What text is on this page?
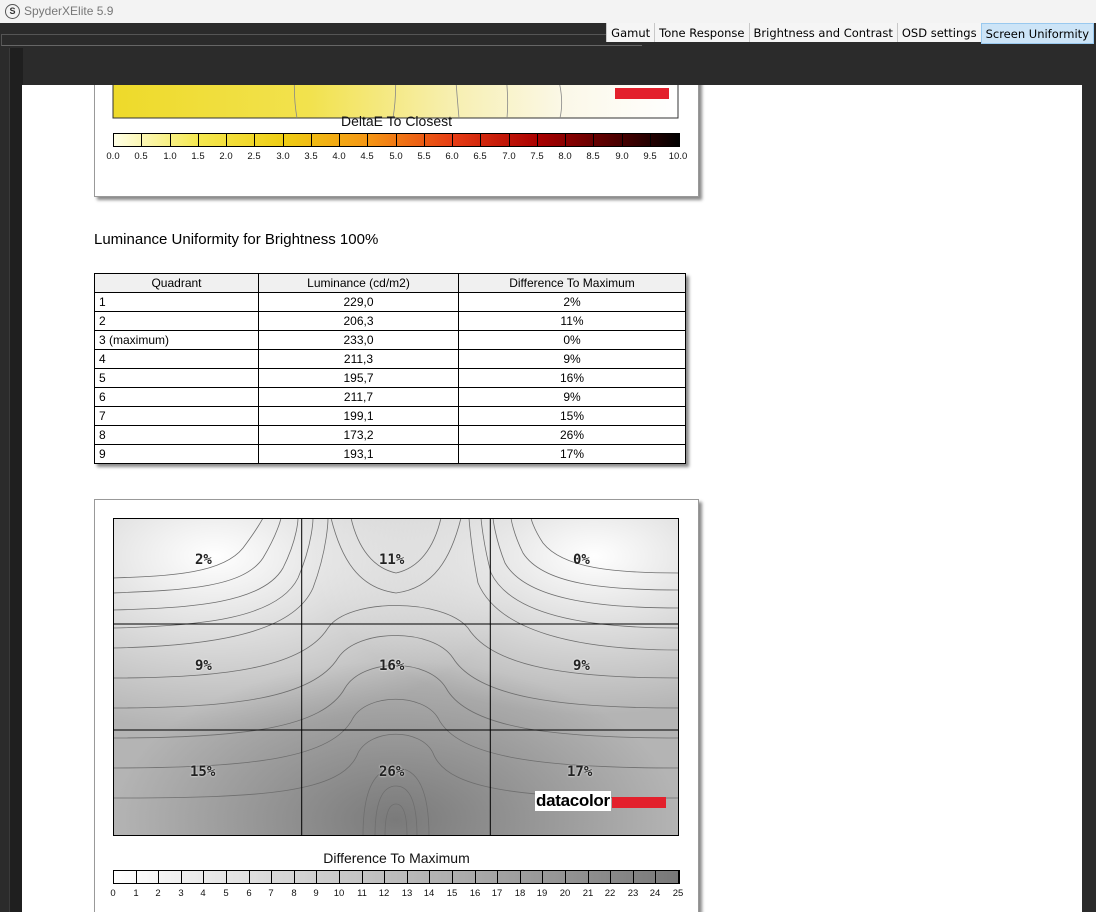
S SpyderXElite 5.9
Gamut Tone Response Brightness and Contrast OSD settings Screen Uniformity
DeltaE To Closest
0.0	0.5	1.0	1.5	2.0	2.5	3.0	3.5	4.0	4.5	5.0	5.5	6.0	6.5	7.0	7.5	8.0	8.5	9.0	9.5	10.0
Luminance Uniformity for Brightness 100%
Quadrant	Luminance (cd/m2)	Difference To Maximum
1	229,0	2%
2	206,3	11%
3 (maximum)	233,0	0%
4	211,3	9%
5	195,7	16%
6	211,7	9%
7	199,1	15%
8	173,2	26%
9	193,1	17%
2%	11%	0%
9%	16%	9%
15%	26%	17%
datacolor
Difference To Maximum
0	1	2	3	4	5	6	7	8	9	10	11	12	13	14	15	16	17	18	19	20	21	22	23	24	25
